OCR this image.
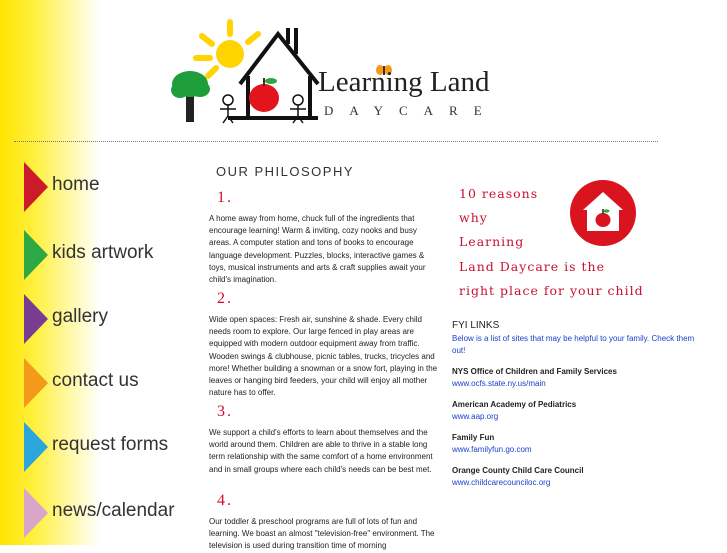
Learning Land
DAYCARE
home
kids artwork
gallery
contact us
request forms
news/calendar
OUR PHILOSOPHY
1.
A home away from home, chuck full of the ingredients that encourage learning! Warm & inviting, cozy nooks and busy areas. A computer station and tons of books to encourage language development. Puzzles, blocks, interactive games & toys, musical instruments and arts & craft supplies await your child's imagination.
2.
Wide open spaces: Fresh air, sunshine & shade. Every child needs room to explore. Our large fenced in play areas are equipped with modern outdoor equipment away from traffic. Wooden swings & clubhouse, picnic tables, trucks, tricycles and more! Whether building a snowman or a snow fort, playing in the leaves or hanging bird feeders, your child will enjoy all mother nature has to offer.
3.
We support a child's efforts to learn about themselves and the world around them. Children are able to thrive in a stable long term relationship with the same comfort of a home environment and in small groups where each child's needs can be best met.
4.
Our toddler & preschool programs are full of lots of fun and learning. We boast an almost "television-free" environment. The television is used during transition time of morning
10 reasons
why
Learning
Land Daycare is the
right place for your child
FYI LINKS
Below is a list of sites that may be helpful to your family. Check them out!
NYS Office of Children and Family Services
www.ocfs.state.ny.us/main
American Academy of Pediatrics
www.aap.org
Family Fun
www.familyfun.go.com
Orange County Child Care Council
www.childcarecounciloc.org
